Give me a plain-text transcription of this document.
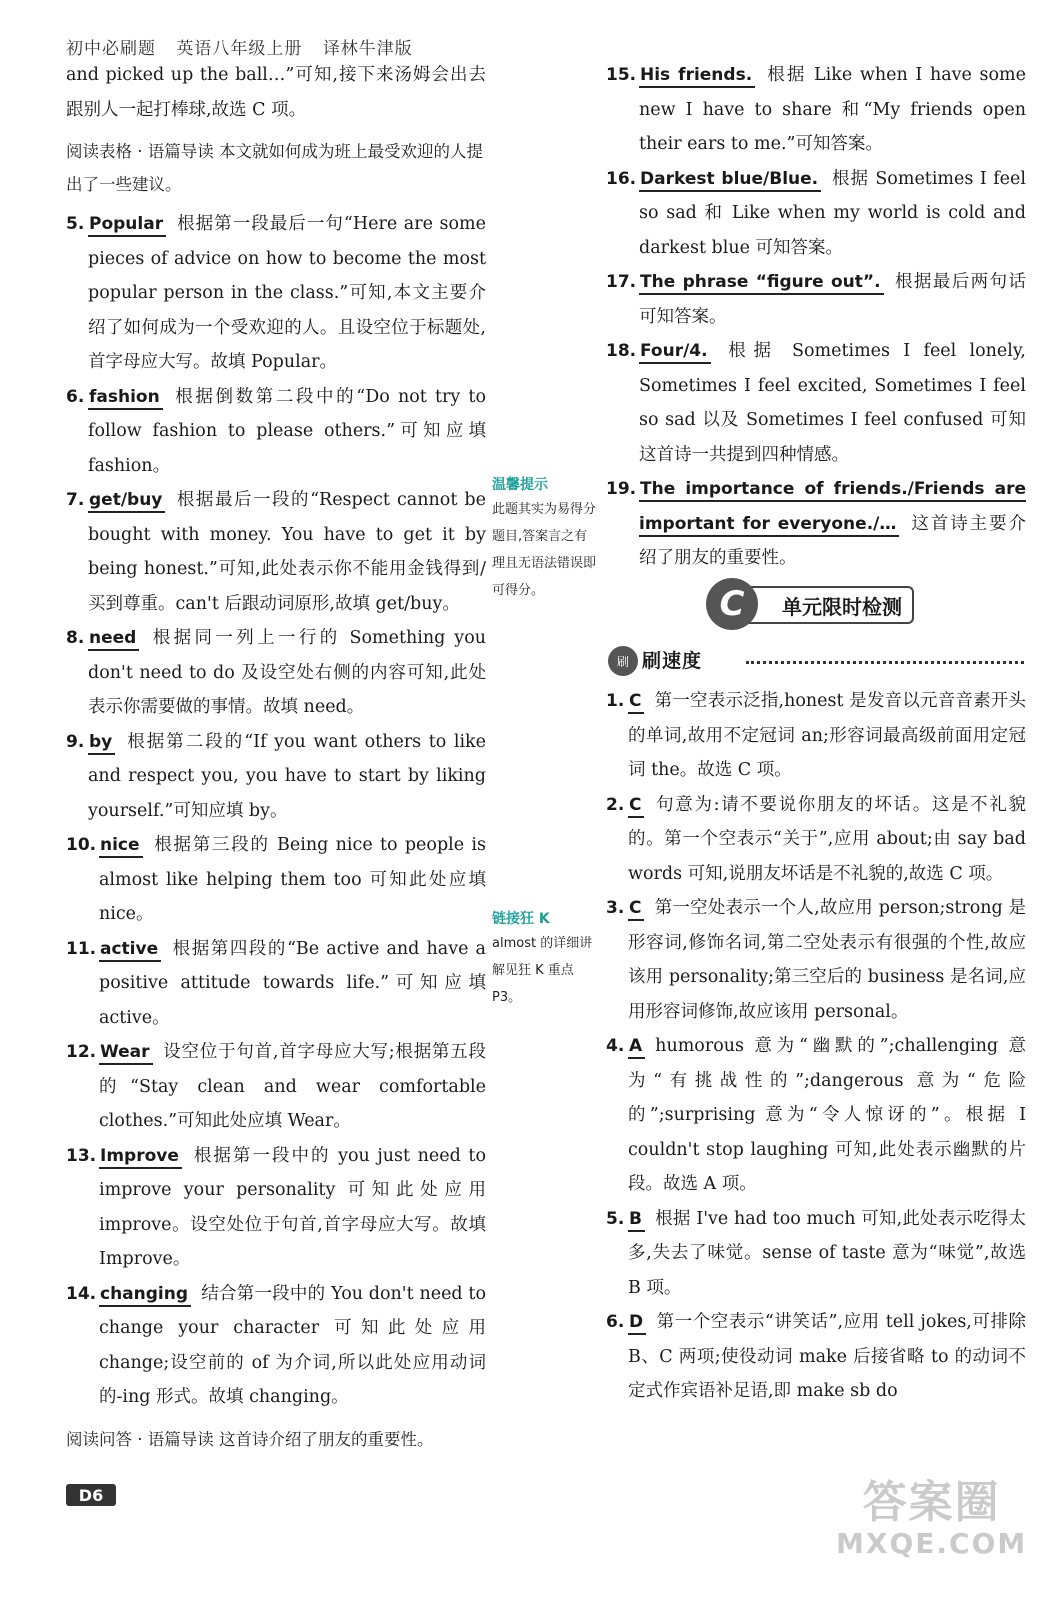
初中必刷题 英语八年级上册 译林牛津版

and picked up the ball…”可知,接下来汤姆会出去跟别人一起打棒球,故选 C 项。

阅读表格 · 语篇导读 本文就如何成为班上最受欢迎的人提出了一些建议。

5. Popular 根据第一段最后一句“Here are some pieces of advice on how to become the most popular person in the class.”可知,本文主要介绍了如何成为一个受欢迎的人。且设空位于标题处,首字母应大写。故填 Popular。

6. fashion 根据倒数第二段中的“Do not try to follow fashion to please others.”可知应填 fashion。

7. get/buy 根据最后一段的“Respect cannot be bought with money. You have to get it by being honest.”可知,此处表示你不能用金钱得到/买到尊重。can't 后跟动词原形,故填 get/buy。

8. need 根据同一列上一行的 Something you don't need to do 及设空处右侧的内容可知,此处表示你需要做的事情。故填 need。

9. by 根据第二段的“If you want others to like and respect you, you have to start by liking yourself.”可知应填 by。

10. nice 根据第三段的 Being nice to people is almost like helping them too 可知此处应填 nice。

11. active 根据第四段的“Be active and have a positive attitude towards life.”可知应填 active。

12. Wear 设空位于句首,首字母应大写;根据第五段的“Stay clean and wear comfortable clothes.”可知此处应填 Wear。

13. Improve 根据第一段中的 you just need to improve your personality 可知此处应用 improve。设空处位于句首,首字母应大写。故填 Improve。

14. changing 结合第一段中的 You don't need to change your character 可知此处应用 change;设空前的 of 为介词,所以此处应用动词的-ing 形式。故填 changing。

阅读问答 · 语篇导读 这首诗介绍了朋友的重要性。

温馨提示
此题其实为易得分题目,答案言之有理且无语法错误即可得分。
链接狂 K
almost 的详细讲解见狂 K 重点 P3。

15. His friends. 根据 Like when I have some new I have to share 和“My friends open their ears to me.”可知答案。

16. Darkest blue/Blue. 根据 Sometimes I feel so sad 和 Like when my world is cold and darkest blue 可知答案。

17. The phrase “figure out”. 根据最后两句话可知答案。

18. Four/4. 根据 Sometimes I feel lonely, Sometimes I feel excited, Sometimes I feel so sad 以及 Sometimes I feel confused 可知这首诗一共提到四种情感。

19. The importance of friends./Friends are important for everyone./… 这首诗主要介绍了朋友的重要性。

单元限时检测
C
刷 刷速度

1. C 第一空表示泛指,honest 是发音以元音音素开头的单词,故用不定冠词 an;形容词最高级前面用定冠词 the。故选 C 项。

2. C 句意为:请不要说你朋友的坏话。这是不礼貌的。第一个空表示“关于”,应用 about;由 say bad words 可知,说朋友坏话是不礼貌的,故选 C 项。

3. C 第一空处表示一个人,故应用 person;strong 是形容词,修饰名词,第二空处表示有很强的个性,故应该用 personality;第三空后的 business 是名词,应用形容词修饰,故应该用 personal。

4. A humorous 意为“幽默的”;challenging 意为“有挑战性的”;dangerous 意为“危险的”;surprising 意为“令人惊讶的”。根据 I couldn't stop laughing 可知,此处表示幽默的片段。故选 A 项。

5. B 根据 I've had too much 可知,此处表示吃得太多,失去了味觉。sense of taste 意为“味觉”,故选 B 项。

6. D 第一个空表示“讲笑话”,应用 tell jokes,可排除 B、C 两项;使役动词 make 后接省略 to 的动词不定式作宾语补足语,即 make sb do

D6	答案圈
MXQE.COM
